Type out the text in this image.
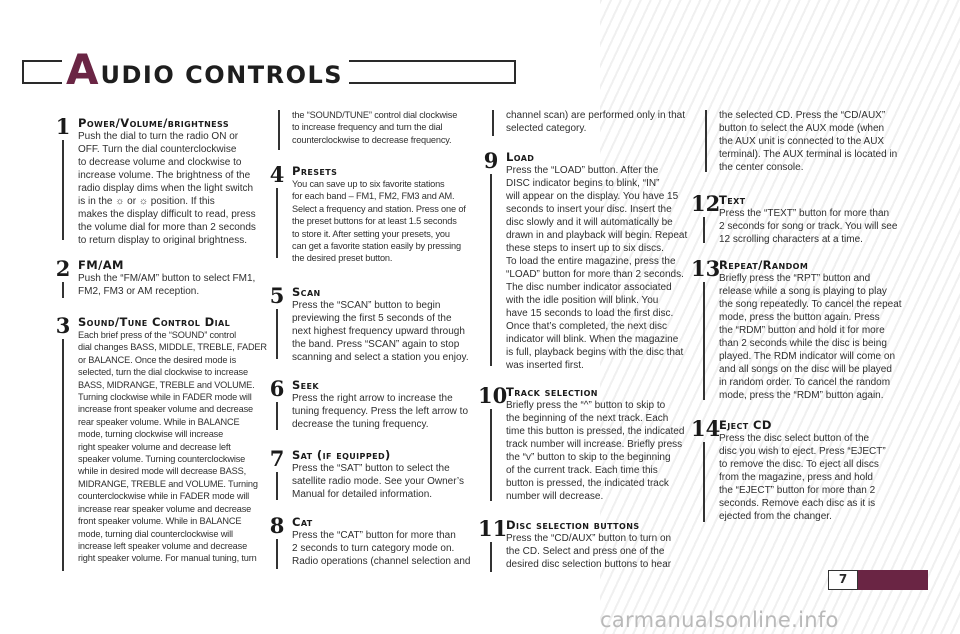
A UDIO CONTROLS
1 Power/Volume/brightness
Push the dial to turn the radio ON or
OFF. Turn the dial counterclockwise
to decrease volume and clockwise to
increase volume. The brightness of the
radio display dims when the light switch
is in the ☼ or ☼ position. If this
makes the display difficult to read, press
the volume dial for more than 2 seconds
to return display to original brightness.
2 FM/AM
Push the “FM/AM” button to select FM1,
FM2, FM3 or AM reception.
3 Sound/Tune Control Dial
Each brief press of the “SOUND” control
dial changes BASS, MIDDLE, TREBLE, FADER
or BALANCE. Once the desired mode is
selected, turn the dial clockwise to increase
BASS, MIDRANGE, TREBLE and VOLUME.
Turning clockwise while in FADER mode will
increase front speaker volume and decrease
rear speaker volume. While in BALANCE
mode, turning clockwise will increase
right speaker volume and decrease left
speaker volume. Turning counterclockwise
while in desired mode will decrease BASS,
MIDRANGE, TREBLE and VOLUME. Turning
counterclockwise while in FADER mode will
increase rear speaker volume and decrease
front speaker volume. While in BALANCE
mode, turning dial counterclockwise will
increase left speaker volume and decrease
right speaker volume. For manual tuning, turn
the “SOUND/TUNE” control dial clockwise
to increase frequency and turn the dial
counterclockwise to decrease frequency.
4 Presets
You can save up to six favorite stations
for each band – FM1, FM2, FM3 and AM.
Select a frequency and station. Press one of
the preset buttons for at least 1.5 seconds
to store it. After setting your presets, you
can get a favorite station easily by pressing
the desired preset button.
5 Scan
Press the “SCAN” button to begin
previewing the first 5 seconds of the
next highest frequency upward through
the band. Press “SCAN” again to stop
scanning and select a station you enjoy.
6 Seek
Press the right arrow to increase the
tuning frequency. Press the left arrow to
decrease the tuning frequency.
7 Sat (if equipped)
Press the “SAT” button to select the
satellite radio mode. See your Owner’s
Manual for detailed information.
8 Cat
Press the “CAT” button for more than
2 seconds to turn category mode on.
Radio operations (channel selection and
channel scan) are performed only in that
selected category.
9 Load
Press the “LOAD” button. After the
DISC indicator begins to blink, “IN”
will appear on the display. You have 15
seconds to insert your disc. Insert the
disc slowly and it will automatically be
drawn in and playback will begin. Repeat
these steps to insert up to six discs.
To load the entire magazine, press the
“LOAD” button for more than 2 seconds.
The disc number indicator associated
with the idle position will blink. You
have 15 seconds to load the first disc.
Once that’s completed, the next disc
indicator will blink. When the magazine
is full, playback begins with the disc that
was inserted first.
10
Track selection
Briefly press the “^” button to skip to
the beginning of the next track. Each
time this button is pressed, the indicated
track number will increase. Briefly press
the “v” button to skip to the beginning
of the current track. Each time this
button is pressed, the indicated track
number will decrease.
11
Disc selection buttons
Press the “CD/AUX” button to turn on
the CD. Select and press one of the
desired disc selection buttons to hear
the selected CD. Press the “CD/AUX”
button to select the AUX mode (when
the AUX unit is connected to the AUX
terminal). The AUX terminal is located in
the center console.
12
Text
Press the “TEXT” button for more than
2 seconds for song or track. You will see
12 scrolling characters at a time.
13
Repeat/Random
Briefly press the “RPT” button and
release while a song is playing to play
the song repeatedly. To cancel the repeat
mode, press the button again. Press
the “RDM” button and hold it for more
than 2 seconds while the disc is being
played. The RDM indicator will come on
and all songs on the disc will be played
in random order. To cancel the random
mode, press the “RDM” button again.
14
Eject CD
Press the disc select button of the
disc you wish to eject. Press “EJECT”
to remove the disc. To eject all discs
from the magazine, press and hold
the “EJECT” button for more than 2
seconds. Remove each disc as it is
ejected from the changer.
7
carmanualsonline.info
